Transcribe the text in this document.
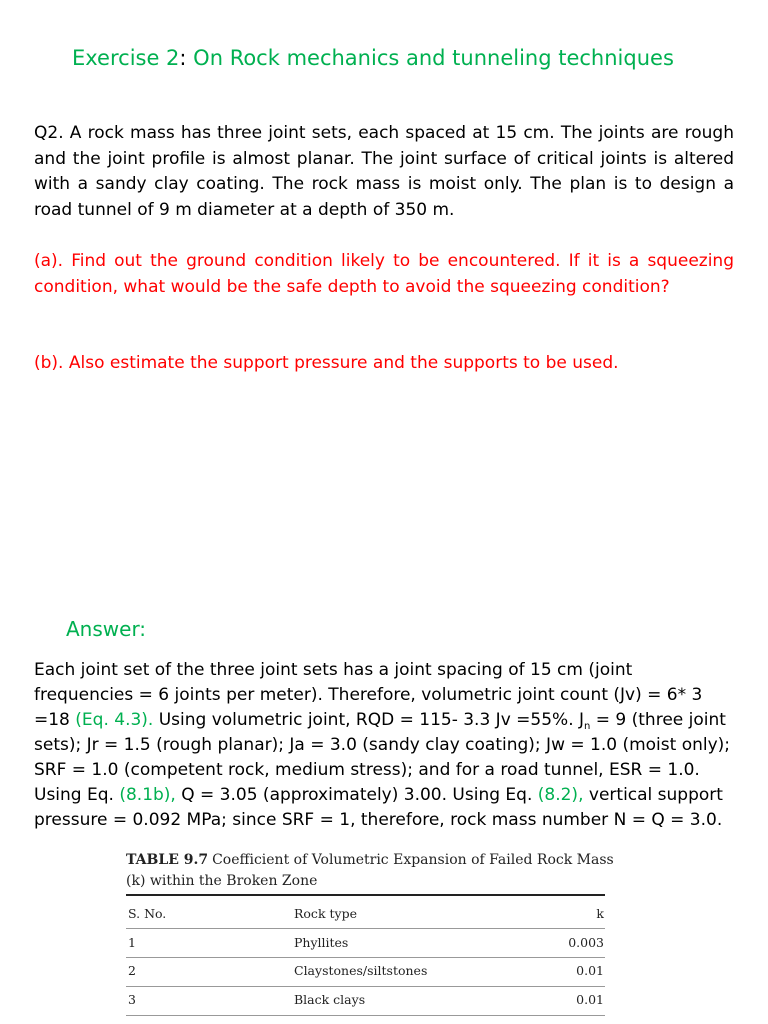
Exercise 2: On Rock mechanics and tunneling techniques
Q2. A rock mass has three joint sets, each spaced at 15 cm. The joints are rough and the joint profile is almost planar. The joint surface of critical joints is altered with a sandy clay coating. The rock mass is moist only. The plan is to design a road tunnel of 9 m diameter at a depth of 350 m.
(a). Find out the ground condition likely to be encountered. If it is a squeezing condition, what would be the safe depth to avoid the squeezing condition?
(b). Also estimate the support pressure and the supports to be used.
Answer:
Each joint set of the three joint sets has a joint spacing of 15 cm (joint
frequencies = 6 joints per meter). Therefore, volumetric joint count (Jv) = 6* 3
=18 (Eq. 4.3). Using volumetric joint, RQD = 115- 3.3 Jv =55%. $J_n = 9$ (three joint
sets); Jr = 1.5 (rough planar); Ja = 3.0 (sandy clay coating); Jw = 1.0 (moist only);
SRF = 1.0 (competent rock, medium stress); and for a road tunnel, ESR = 1.0.
Using Eq. (8.1b), Q = 3.05 (approximately) 3.00. Using Eq. (8.2), vertical support
pressure = 0.092 MPa; since SRF = 1, therefore, rock mass number N = Q = 3.0.
TABLE 9.7 Coefficient of Volumetric Expansion of Failed Rock Mass
(k) within the Broken Zone
S. No.	Rock type	k
1	Phyllites	0.003
2	Claystones/siltstones	0.01
3	Black clays	0.01
